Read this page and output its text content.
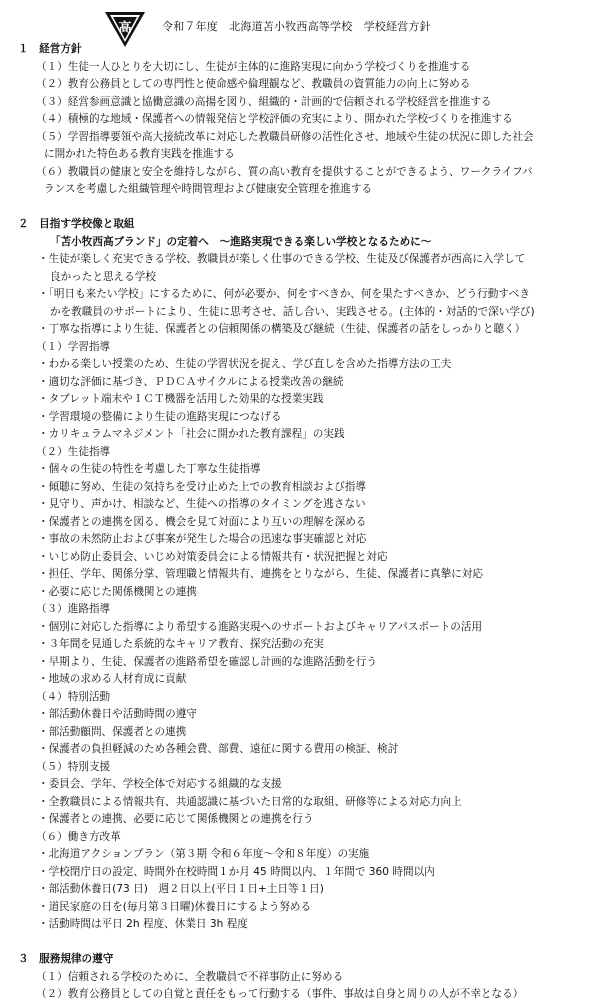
高	令和７年度　北海道苫小牧西高等学校　学校経営方針
１　経営方針
（１）生徒一人ひとりを大切にし、生徒が主体的に進路実現に向かう学校づくりを推進する
（２）教育公務員としての専門性と使命感や倫理観など、教職員の資質能力の向上に努める
（３）経営参画意識と協働意識の高揚を図り、組織的・計画的で信頼される学校経営を推進する
（４）積極的な地域・保護者への情報発信と学校評価の充実により、開かれた学校づくりを推進する
（５）学習指導要領や高大接続改革に対応した教職員研修の活性化させ、地域や生徒の状況に即した社会
に開かれた特色ある教育実践を推進する
（６）教職員の健康と安全を維持しながら、質の高い教育を提供することができるよう、ワークライフバ
ランスを考慮した組織管理や時間管理および健康安全管理を推進する
２　目指す学校像と取組
「苫小牧西高ブランド」の定着へ　～進路実現できる楽しい学校となるために～
・生徒が楽しく充実できる学校、教職員が楽しく仕事のできる学校、生徒及び保護者が西高に入学して
良かったと思える学校
・「明日も来たい学校」にするために、何が必要か、何をすべきか、何を果たすべきか、どう行動すべき
かを教職員のサポートにより、生徒に思考させ、話し合い、実践させる。(主体的・対話的で深い学び)
・丁寧な指導により生徒、保護者との信頼関係の構築及び継続（生徒、保護者の話をしっかりと聴く）
（１）学習指導
・わかる楽しい授業のため、生徒の学習状況を捉え、学び直しを含めた指導方法の工夫
・適切な評価に基づき、ＰＤＣＡサイクルによる授業改善の継続
・タブレット端末やＩＣＴ機器を活用した効果的な授業実践
・学習環境の整備により生徒の進路実現につなげる
・カリキュラムマネジメント「社会に開かれた教育課程」の実践
（２）生徒指導
・個々の生徒の特性を考慮した丁寧な生徒指導
・傾聴に努め、生徒の気持ちを受け止めた上での教育相談および指導
・見守り、声かけ、相談など、生徒への指導のタイミングを逃さない
・保護者との連携を図る、機会を見て対面により互いの理解を深める
・事故の未然防止および事案が発生した場合の迅速な事実確認と対応
・いじめ防止委員会、いじめ対策委員会による情報共有・状況把握と対応
・担任、学年、関係分掌、管理職と情報共有、連携をとりながら、生徒、保護者に真摯に対応
・必要に応じた関係機関との連携
（３）進路指導
・個別に対応した指導により希望する進路実現へのサポートおよびキャリアパスポートの活用
・３年間を見通した系統的なキャリア教育、探究活動の充実
・早期より、生徒、保護者の進路希望を確認し計画的な進路活動を行う
・地域の求める人材育成に貢献
（４）特別活動
・部活動休養日や活動時間の遵守
・部活動顧問、保護者との連携
・保護者の負担軽減のため各種会費、部費、遠征に関する費用の検証、検討
（５）特別支援
・委員会、学年、学校全体で対応する組織的な支援
・全教職員による情報共有、共通認識に基づいた日常的な取組、研修等による対応力向上
・保護者との連携、必要に応じて関係機関との連携を行う
（６）働き方改革
・北海道アクションプラン（第３期 令和６年度～令和８年度）の実施
・学校閉庁日の設定、時間外在校時間１か月 45 時間以内、１年間で 360 時間以内
・部活動休養日(73 日)　週２日以上(平日１日+土日等１日)
・道民家庭の日を(毎月第３日曜)休養日にするよう努める
・活動時間は平日 2h 程度、休業日 3h 程度
３　服務規律の遵守
（１）信頼される学校のために、全教職員で不祥事防止に努める
（２）教育公務員としての自覚と責任をもって行動する（事件、事故は自身と周りの人が不幸となる）
